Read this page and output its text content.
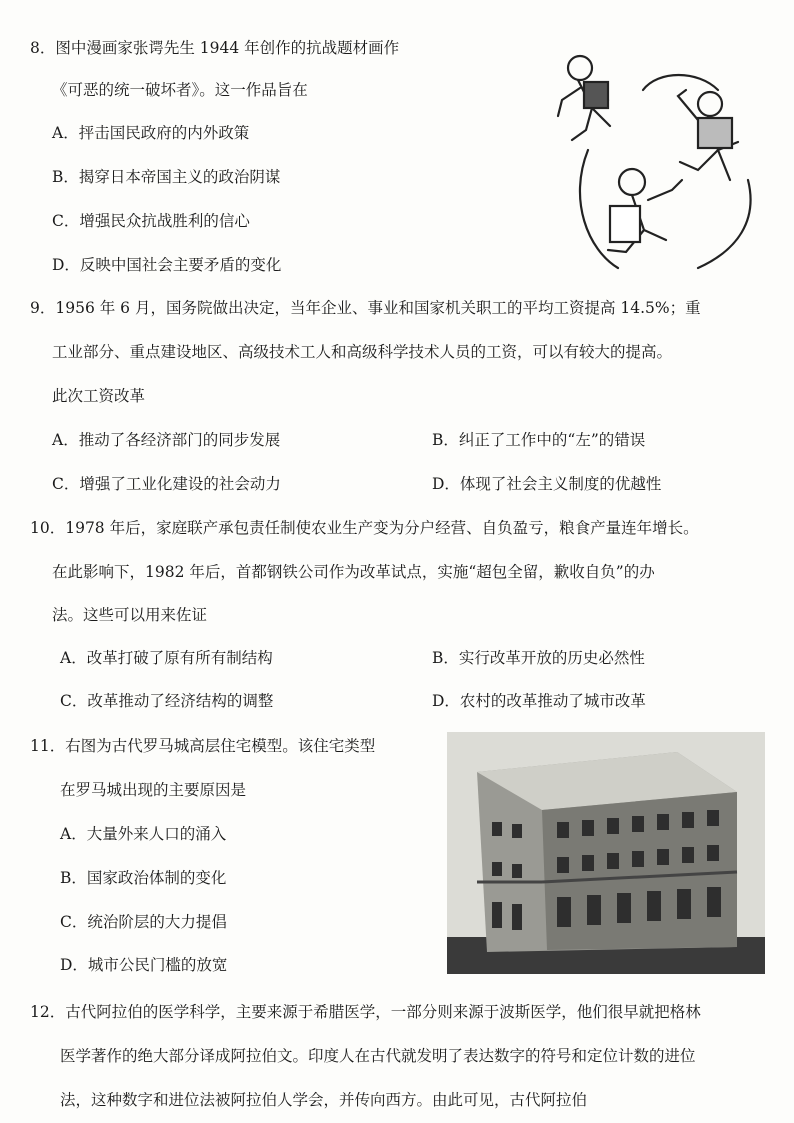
8．图中漫画家张谔先生 1944 年创作的抗战题材画作
《可恶的统一破坏者》。这一作品旨在
A．抨击国民政府的内外政策
B．揭穿日本帝国主义的政治阴谋
C．增强民众抗战胜利的信心
D．反映中国社会主要矛盾的变化
9．1956 年 6 月，国务院做出决定，当年企业、事业和国家机关职工的平均工资提高 14.5%；重
工业部分、重点建设地区、高级技术工人和高级科学技术人员的工资，可以有较大的提高。
此次工资改革
A．推动了各经济部门的同步发展	B．纠正了工作中的“左”的错误
C．增强了工业化建设的社会动力	D．体现了社会主义制度的优越性
10．1978 年后，家庭联产承包责任制使农业生产变为分户经营、自负盈亏，粮食产量连年增长。
在此影响下，1982 年后，首都钢铁公司作为改革试点，实施“超包全留，歉收自负”的办
法。这些可以用来佐证
A．改革打破了原有所有制结构	B．实行改革开放的历史必然性
C．改革推动了经济结构的调整	D．农村的改革推动了城市改革
11．右图为古代罗马城高层住宅模型。该住宅类型
在罗马城出现的主要原因是
A．大量外来人口的涌入
B．国家政治体制的变化
C．统治阶层的大力提倡
D．城市公民门槛的放宽
12．古代阿拉伯的医学科学，主要来源于希腊医学，一部分则来源于波斯医学，他们很早就把格林
医学著作的绝大部分译成阿拉伯文。印度人在古代就发明了表达数字的符号和定位计数的进位
法，这种数字和进位法被阿拉伯人学会，并传向西方。由此可见，古代阿拉伯
